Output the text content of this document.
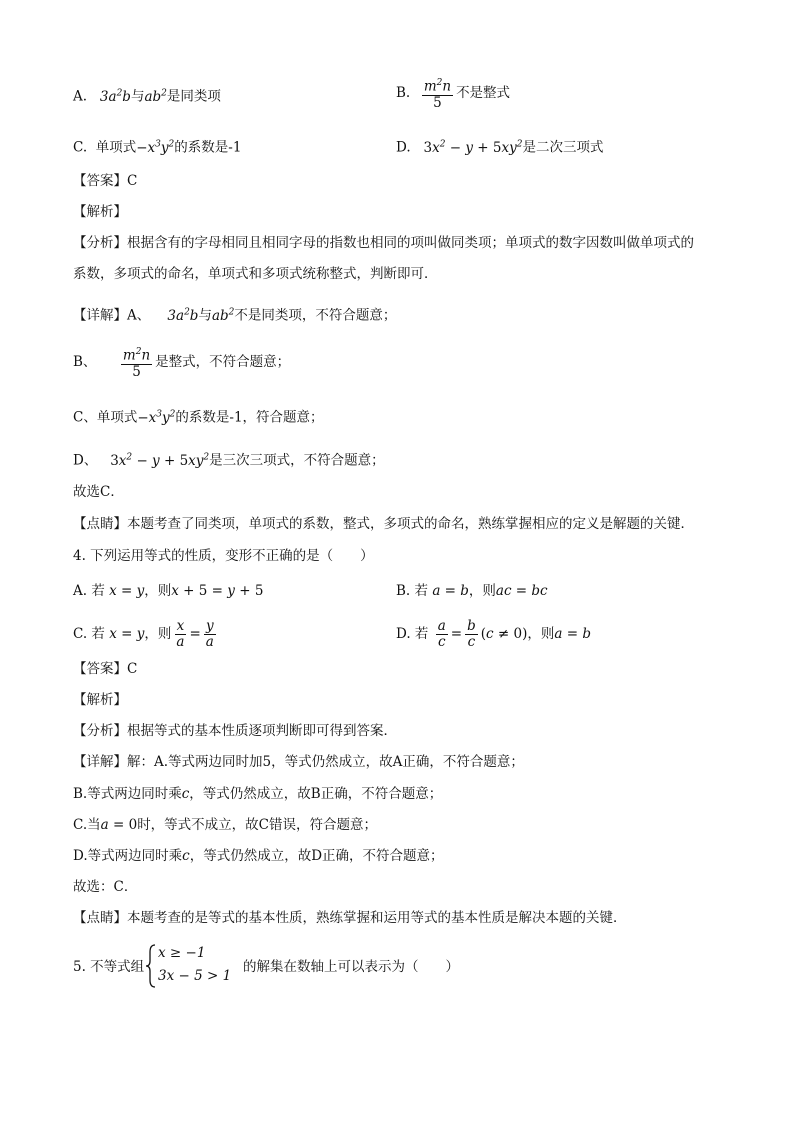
A. $3a^2b$与$ab^2$是同类项	B. $\frac{m^2n}{5}$ 不是整式
C. 单项式$-x^3y^2$的系数是-1	D. $3x^2 - y + 5xy^2$是二次三项式
【答案】C
【解析】
【分析】根据含有的字母相同且相同字母的指数也相同的项叫做同类项；单项式的数字因数叫做单项式的
系数，多项式的命名，单项式和多项式统称整式，判断即可．
【详解】A、 $3a^2b$与$ab^2$不是同类项，不符合题意；
B、 $\frac{m^2n}{5}$ 是整式，不符合题意；
C、单项式$-x^3y^2$的系数是-1，符合题意；
D、 $3x^2 - y + 5xy^2$是三次三项式，不符合题意；
故选C．
【点睛】本题考查了同类项，单项式的系数，整式，多项式的命名，熟练掌握相应的定义是解题的关键．
4. 下列运用等式的性质，变形不正确的是（　　）
A. 若 x = y，则x + 5 = y + 5	B. 若 a = b，则ac = bc
C. 若 x = y，则 $\frac{x}{a} = \frac{y}{a}$	D. 若 $\frac{a}{c} = \frac{b}{c} (c \ne 0)$，则a = b
【答案】C
【解析】
【分析】根据等式的基本性质逐项判断即可得到答案．
【详解】解：A.等式两边同时加5，等式仍然成立，故A正确，不符合题意；
B.等式两边同时乘c，等式仍然成立，故B正确，不符合题意；
C.当a = 0时，等式不成立，故C错误，符合题意；
D.等式两边同时乘c，等式仍然成立，故D正确，不符合题意；
故选：C．
【点睛】本题考查的是等式的基本性质，熟练掌握和运用等式的基本性质是解决本题的关键．
5. 不等式组
x ≥ −1
3x − 5 > 1
的解集在数轴上可以表示为（　　）
